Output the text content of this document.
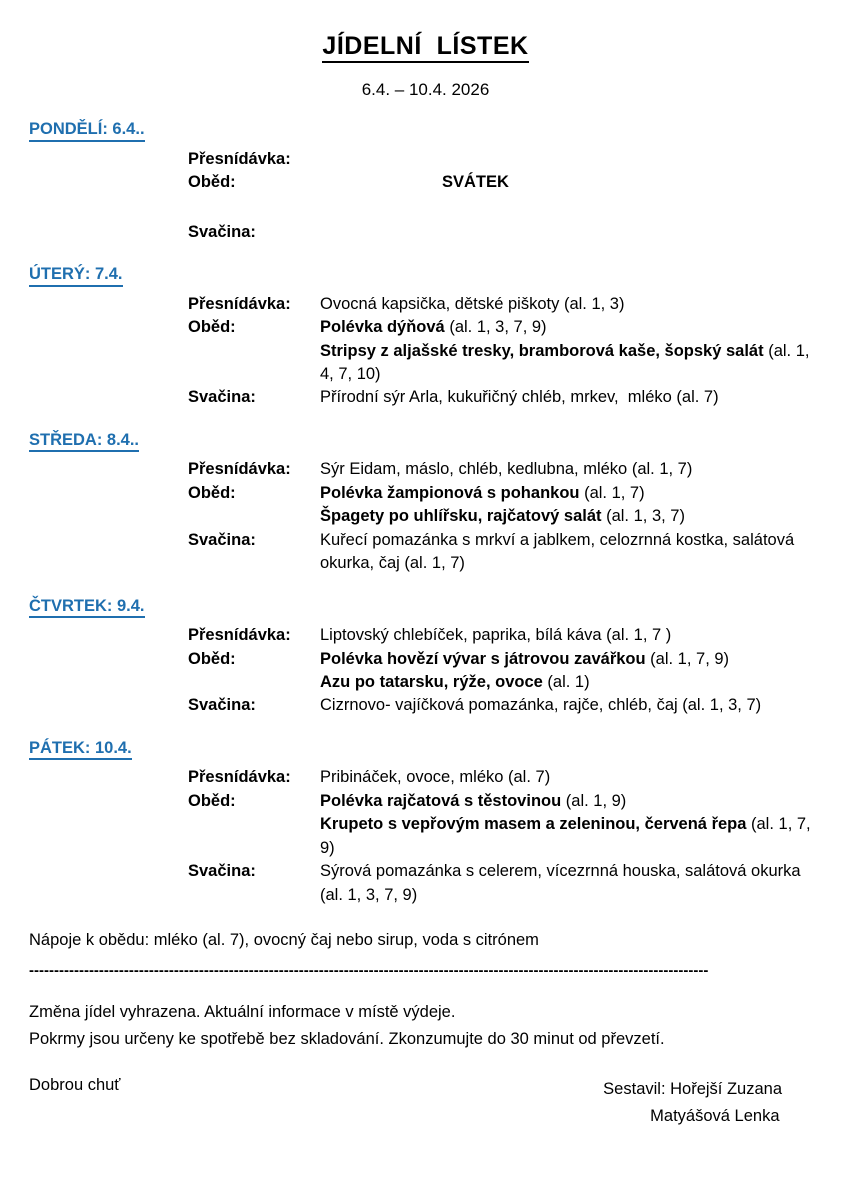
JÍDELNÍ  LÍSTEK
6.4. – 10.4. 2026
PONDĚLÍ: 6.4..
Přesnídávka:
Oběd:	SVÁTEK
Svačina:
ÚTERÝ: 7.4.
Přesnídávka:	Ovocná kapsička, dětské piškoty (al. 1, 3)
Oběd:	Polévka dýňová (al. 1, 3, 7, 9)
Stripsy z aljašské tresky, bramborová kaše, šopský salát (al. 1, 4, 7, 10)
Svačina:	Přírodní sýr Arla, kukuřičný chléb, mrkev,  mléko (al. 7)
STŘEDA: 8.4..
Přesnídávka:	Sýr Eidam, máslo, chléb, kedlubna, mléko (al. 1, 7)
Oběd:	Polévka žampionová s pohankou (al. 1, 7)
Špagety po uhlířsku, rajčatový salát (al. 1, 3, 7)
Svačina:	Kuřecí pomazánka s mrkví a jablkem, celozrnná kostka, salátová okurka, čaj (al. 1, 7)
ČTVRTEK: 9.4.
Přesnídávka:	Liptovský chlebíček, paprika, bílá káva (al. 1, 7 )
Oběd:	Polévka hovězí vývar s játrovou zavářkou (al. 1, 7, 9)
Azu po tatarsku, rýže, ovoce (al. 1)
Svačina:	Cizrnovo- vajíčková pomazánka, rajče, chléb, čaj (al. 1, 3, 7)
PÁTEK: 10.4.
Přesnídávka:	Pribináček, ovoce, mléko (al. 7)
Oběd:	Polévka rajčatová s těstovinou (al. 1, 9)
Krupeto s vepřovým masem a zeleninou, červená řepa (al. 1, 7, 9)
Svačina:	Sýrová pomazánka s celerem, vícezrnná houska, salátová okurka (al. 1, 3, 7, 9)
Nápoje k obědu: mléko (al. 7), ovocný čaj nebo sirup, voda s citrónem
----------------------------------------------------------------------------------------------------------------------------------------
Změna jídel vyhrazena. Aktuální informace v místě výdeje.
Pokrmy jsou určeny ke spotřebě bez skladování. Zkonzumujte do 30 minut od převzetí.
Dobrou chuť	Sestavil: Hořejší Zuzana
Matyášová Lenka
